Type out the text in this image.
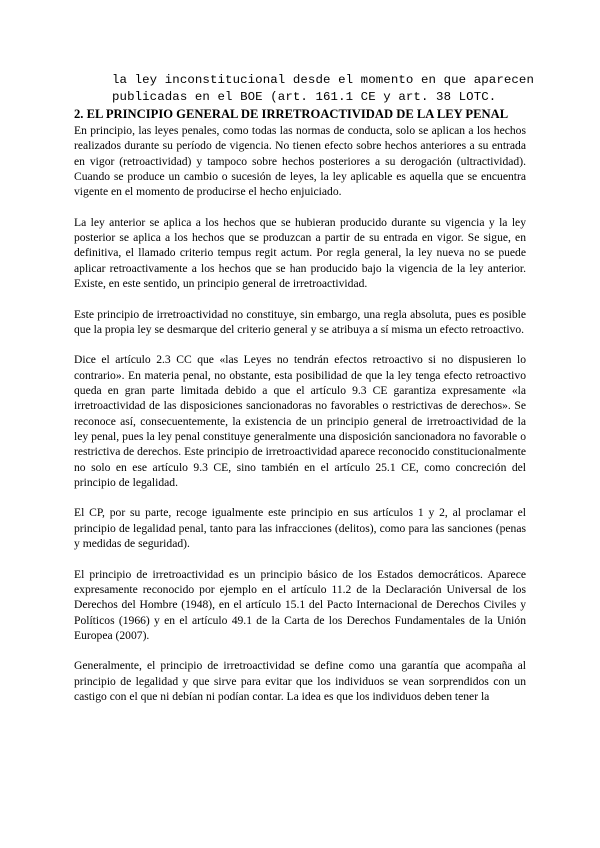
la ley inconstitucional desde el momento en que aparecen
publicadas en el BOE (art. 161.1 CE y art. 38 LOTC.
2. EL PRINCIPIO GENERAL DE IRRETROACTIVIDAD DE LA LEY PENAL

En principio, las leyes penales, como todas las normas de conducta, solo se aplican a los hechos realizados durante su período de vigencia. No tienen efecto sobre hechos anteriores a su entrada en vigor (retroactividad) y tampoco sobre hechos posteriores a su derogación (ultractividad). Cuando se produce un cambio o sucesión de leyes, la ley aplicable es aquella que se encuentra vigente en el momento de producirse el hecho enjuiciado.

La ley anterior se aplica a los hechos que se hubieran producido durante su vigencia y la ley posterior se aplica a los hechos que se produzcan a partir de su entrada en vigor. Se sigue, en definitiva, el llamado criterio tempus regit actum. Por regla general, la ley nueva no se puede aplicar retroactivamente a los hechos que se han producido bajo la vigencia de la ley anterior. Existe, en este sentido, un principio general de irretroactividad.

Este principio de irretroactividad no constituye, sin embargo, una regla absoluta, pues es posible que la propia ley se desmarque del criterio general y se atribuya a sí misma un efecto retroactivo.

Dice el artículo 2.3 CC que «las Leyes no tendrán efectos retroactivo si no dispusieren lo contrario». En materia penal, no obstante, esta posibilidad de que la ley tenga efecto retroactivo queda en gran parte limitada debido a que el artículo 9.3 CE garantiza expresamente «la irretroactividad de las disposiciones sancionadoras no favorables o restrictivas de derechos». Se reconoce así, consecuentemente, la existencia de un principio general de irretroactividad de la ley penal, pues la ley penal constituye generalmente una disposición sancionadora no favorable o restrictiva de derechos. Este principio de irretroactividad aparece reconocido constitucionalmente no solo en ese artículo 9.3 CE, sino también en el artículo 25.1 CE, como concreción del principio de legalidad.

El CP, por su parte, recoge igualmente este principio en sus artículos 1 y 2, al proclamar el principio de legalidad penal, tanto para las infracciones (delitos), como para las sanciones (penas y medidas de seguridad).

El principio de irretroactividad es un principio básico de los Estados democráticos. Aparece expresamente reconocido por ejemplo en el artículo 11.2 de la Declaración Universal de los Derechos del Hombre (1948), en el artículo 15.1 del Pacto Internacional de Derechos Civiles y Políticos (1966) y en el artículo 49.1 de la Carta de los Derechos Fundamentales de la Unión Europea (2007).

Generalmente, el principio de irretroactividad se define como una garantía que acompaña al principio de legalidad y que sirve para evitar que los individuos se vean sorprendidos con un castigo con el que ni debían ni podían contar. La idea es que los individuos deben tener la
